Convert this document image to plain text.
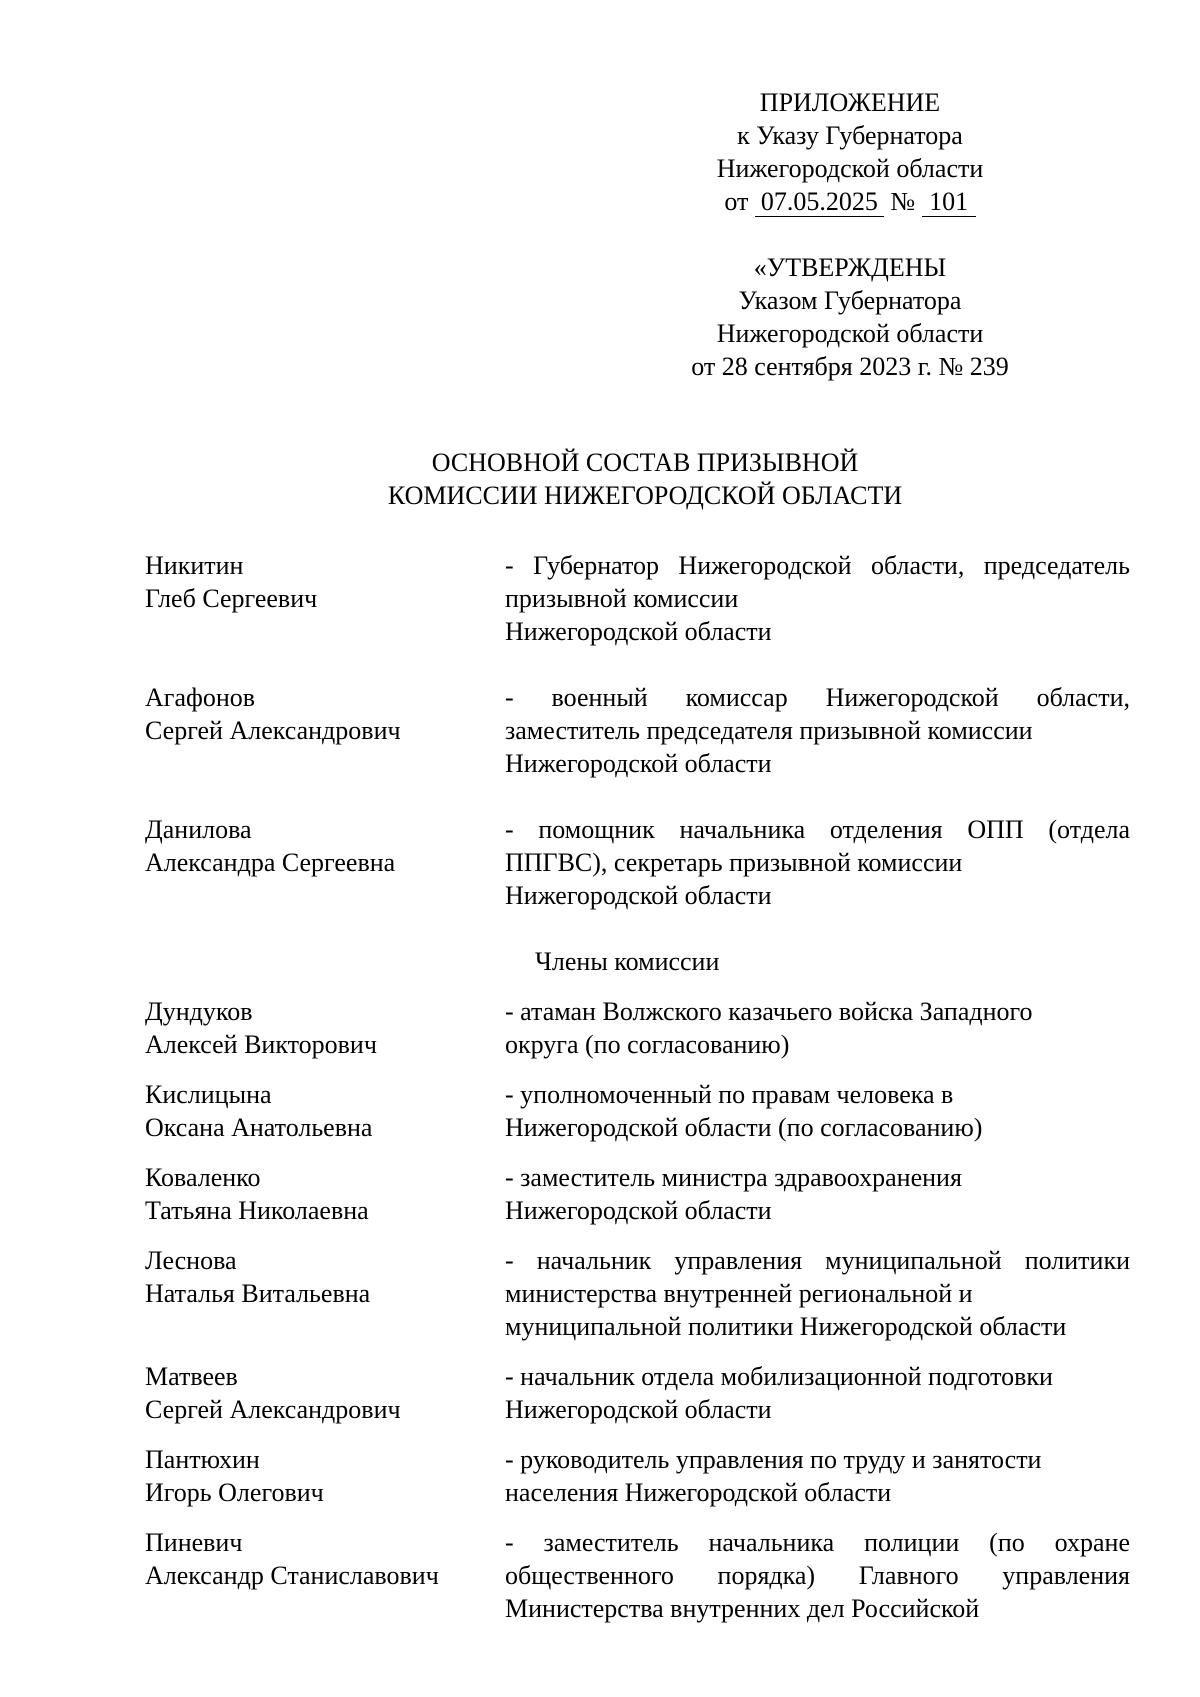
ПРИЛОЖЕНИЕ
к Указу Губернатора
Нижегородской области
от 07.05.2025 № 101
«УТВЕРЖДЕНЫ
Указом Губернатора
Нижегородской области
от 28 сентября 2023 г. № 239
ОСНОВНОЙ СОСТАВ ПРИЗЫВНОЙ
КОМИССИИ НИЖЕГОРОДСКОЙ ОБЛАСТИ
Никитин
Глеб Сергеевич
- Губернатор Нижегородской области, председатель призывной комиссии
Нижегородской области
Агафонов
Сергей Александрович
- военный комиссар Нижегородской области, заместитель председателя призывной комиссии
Нижегородской области
Данилова
Александра Сергеевна
- помощник начальника отделения ОПП (отдела ППГВС), секретарь призывной комиссии
Нижегородской области
Члены комиссии
Дундуков
Алексей Викторович
- атаман Волжского казачьего войска Западного
округа (по согласованию)
Кислицына
Оксана Анатольевна
- уполномоченный по правам человека в
Нижегородской области (по согласованию)
Коваленко
Татьяна Николаевна
- заместитель министра здравоохранения
Нижегородской области
Леснова
Наталья Витальевна
- начальник управления муниципальной политики министерства внутренней региональной и
муниципальной политики Нижегородской области
Матвеев
Сергей Александрович
- начальник отдела мобилизационной подготовки
Нижегородской области
Пантюхин
Игорь Олегович
- руководитель управления по труду и занятости
населения Нижегородской области
Пиневич
Александр Станиславович
- заместитель начальника полиции (по охране общественного порядка) Главного управления Министерства внутренних дел Российской
